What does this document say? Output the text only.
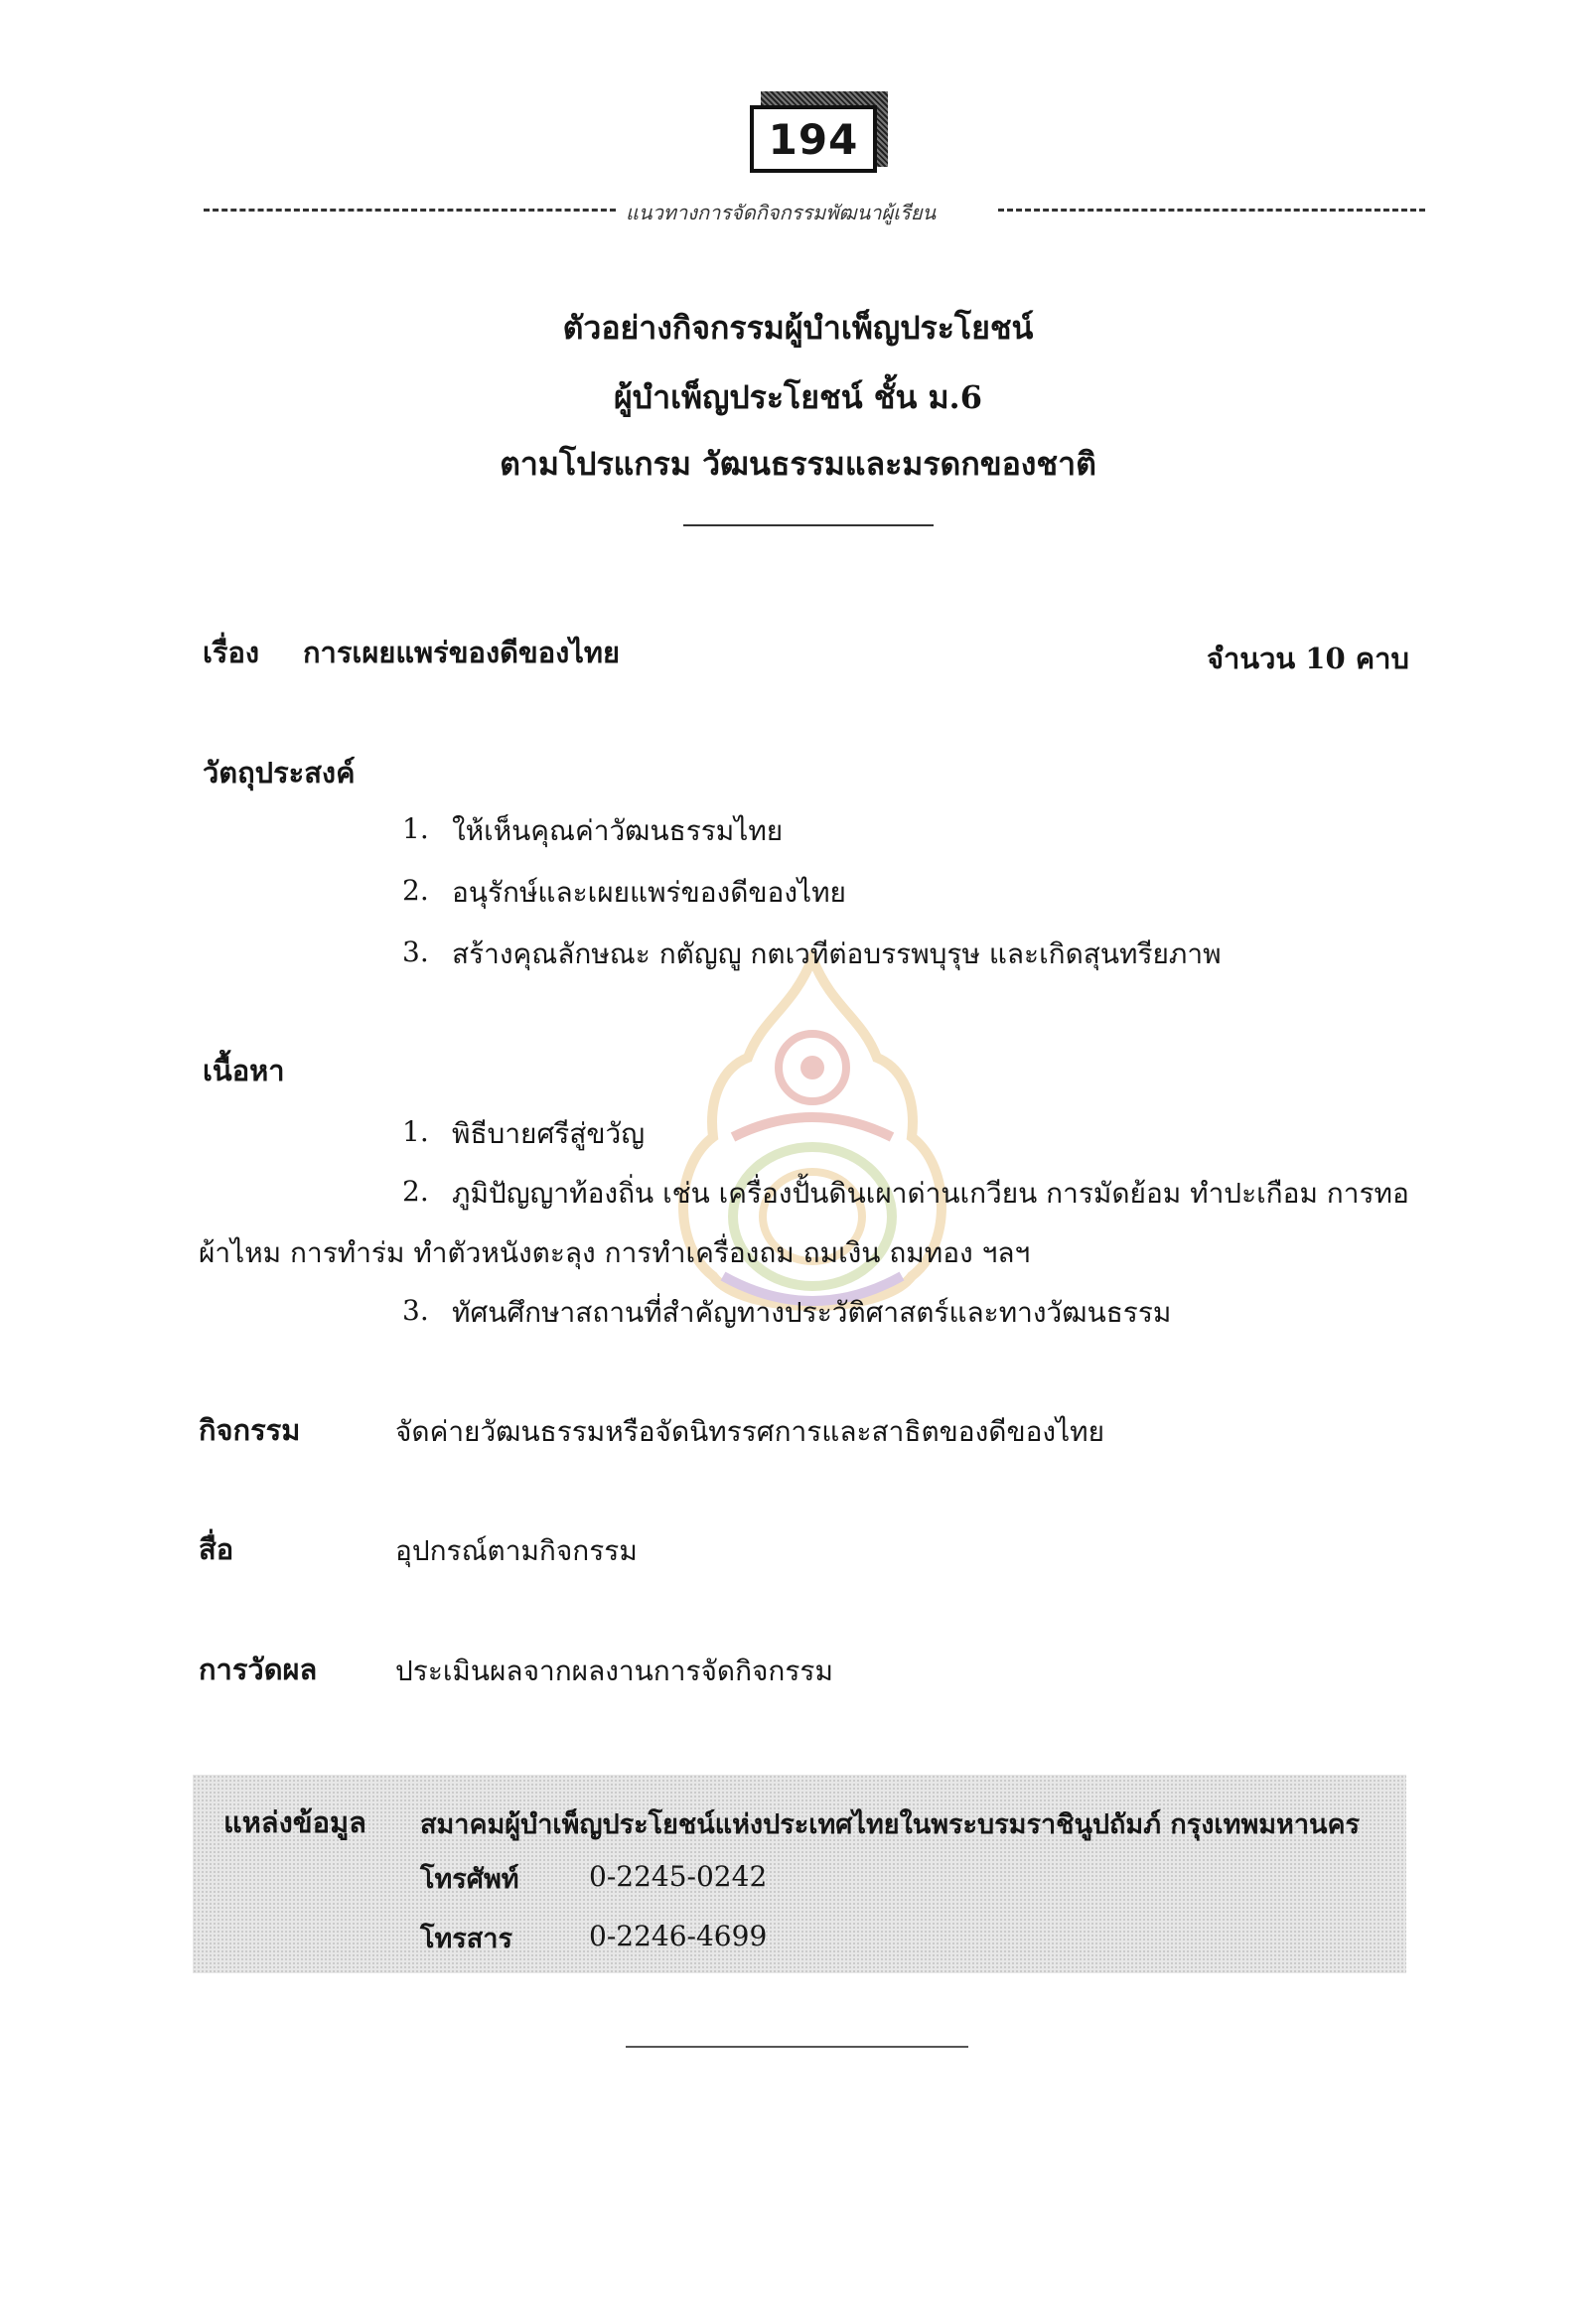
194
แนวทางการจัดกิจกรรมพัฒนาผู้เรียน
ตัวอย่างกิจกรรมผู้บำเพ็ญประโยชน์
ผู้บำเพ็ญประโยชน์ ชั้น ม.6
ตามโปรแกรม วัฒนธรรมและมรดกของชาติ
เรื่อง การเผยแพร่ของดีของไทย	จำนวน 10 คาบ
วัตถุประสงค์
1. ให้เห็นคุณค่าวัฒนธรรมไทย
2. อนุรักษ์และเผยแพร่ของดีของไทย
3. สร้างคุณลักษณะ กตัญญู กตเวทีต่อบรรพบุรุษ และเกิดสุนทรียภาพ
เนื้อหา
1. พิธีบายศรีสู่ขวัญ
2. ภูมิปัญญาท้องถิ่น เช่น เครื่องปั้นดินเผาด่านเกวียน การมัดย้อม ทำปะเกือม การทอ
ผ้าไหม การทำร่ม ทำตัวหนังตะลุง การทำเครื่องถม ถมเงิน ถมทอง ฯลฯ
3. ทัศนศึกษาสถานที่สำคัญทางประวัติศาสตร์และทางวัฒนธรรม
กิจกรรม	จัดค่ายวัฒนธรรมหรือจัดนิทรรศการและสาธิตของดีของไทย
สื่อ	อุปกรณ์ตามกิจกรรม
การวัดผล	ประเมินผลจากผลงานการจัดกิจกรรม
แหล่งข้อมูล สมาคมผู้บำเพ็ญประโยชน์แห่งประเทศไทยในพระบรมราชินูปถัมภ์ กรุงเทพมหานคร
โทรศัพท์	0-2245-0242
โทรสาร	0-2246-4699
